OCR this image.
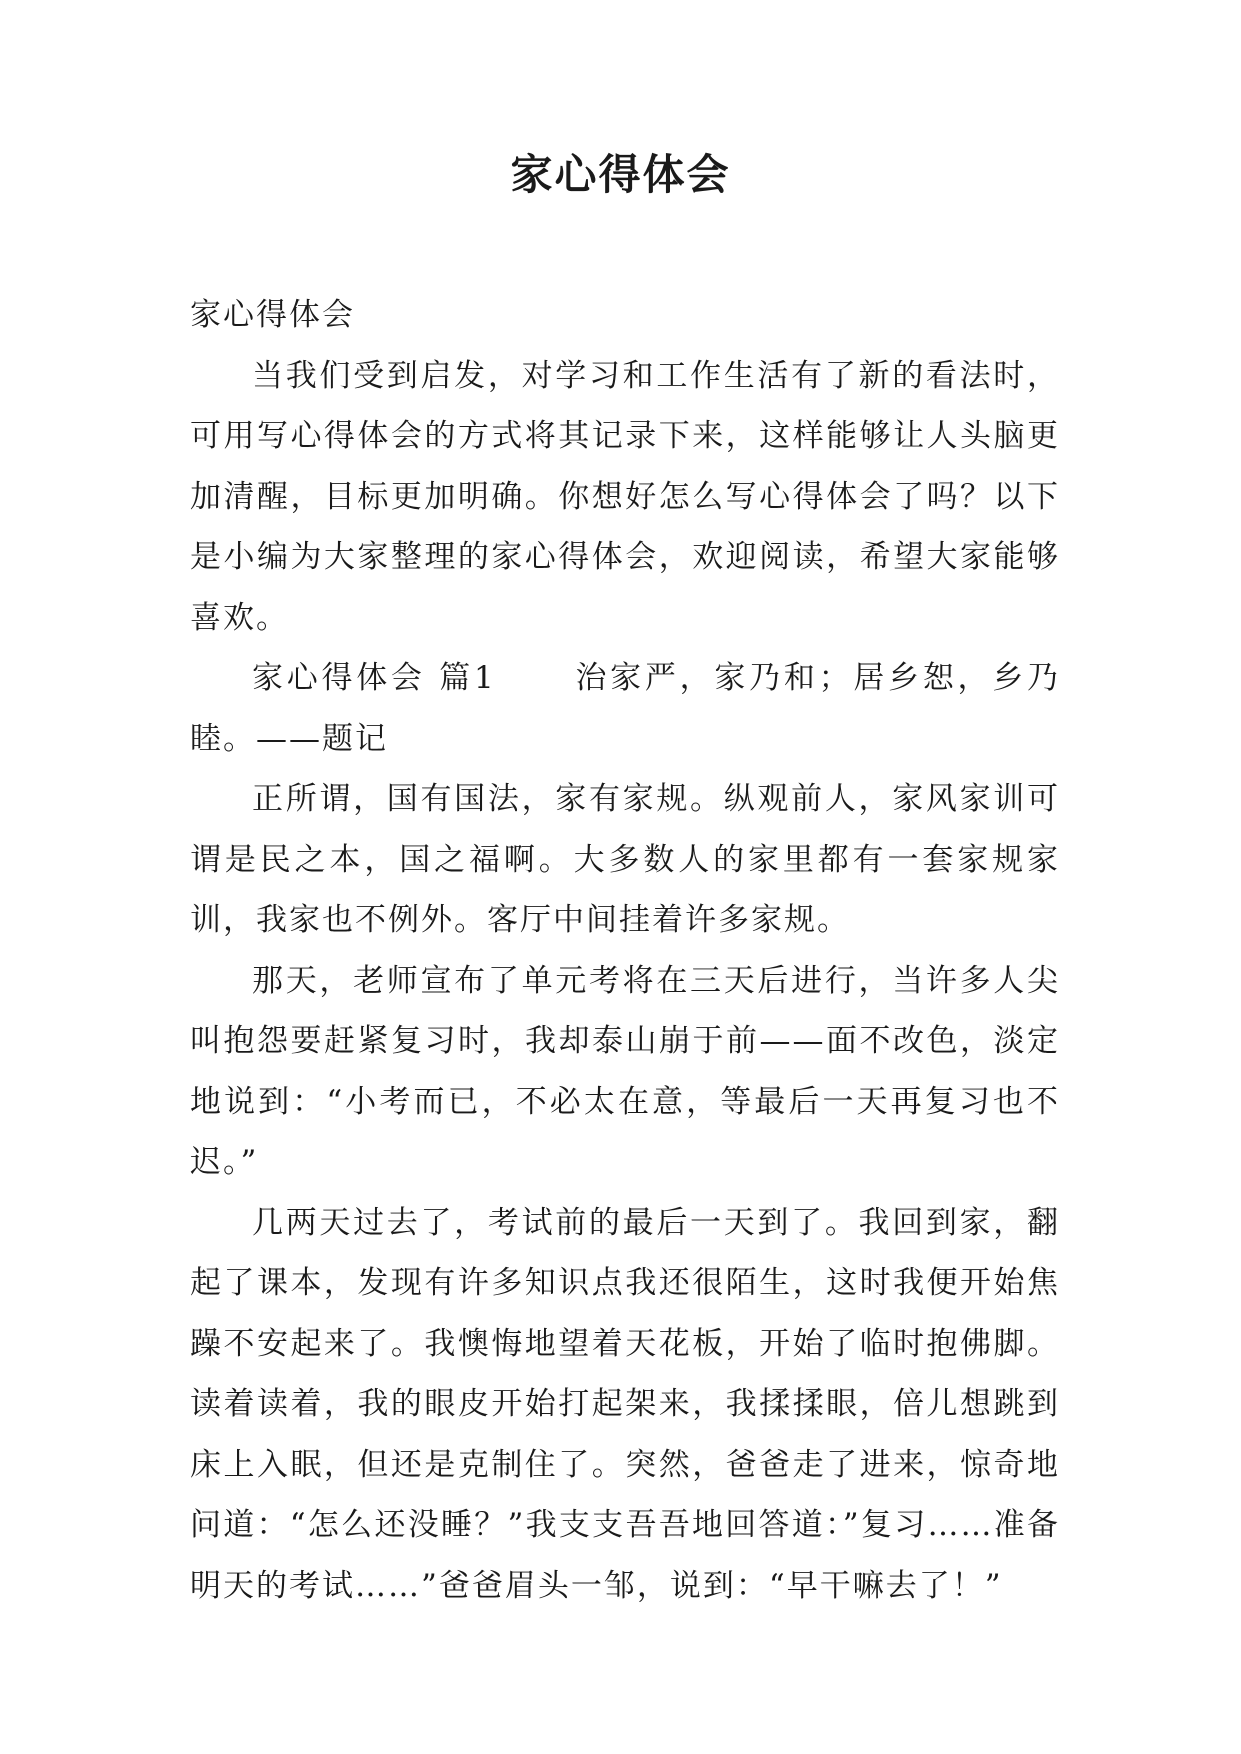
家心得体会

家心得体会

当我们受到启发，对学习和工作生活有了新的看法时，可用写心得体会的方式将其记录下来，这样能够让人头脑更加清醒，目标更加明确。你想好怎么写心得体会了吗？以下是小编为大家整理的家心得体会，欢迎阅读，希望大家能够喜欢。

家心得体会 篇1	治家严，家乃和；居乡恕，乡乃睦。——题记

正所谓，国有国法，家有家规。纵观前人，家风家训可谓是民之本，国之福啊。大多数人的家里都有一套家规家训，我家也不例外。客厅中间挂着许多家规。

那天，老师宣布了单元考将在三天后进行，当许多人尖叫抱怨要赶紧复习时，我却泰山崩于前——面不改色，淡定地说到：“小考而已，不必太在意，等最后一天再复习也不迟。”

几两天过去了，考试前的最后一天到了。我回到家，翻起了课本，发现有许多知识点我还很陌生，这时我便开始焦躁不安起来了。我懊悔地望着天花板，开始了临时抱佛脚。读着读着，我的眼皮开始打起架来，我揉揉眼，倍儿想跳到床上入眠，但还是克制住了。突然，爸爸走了进来，惊奇地问道：“怎么还没睡？”我支支吾吾地回答道：”复习……准备明天的考试……”爸爸眉头一邹，说到：“早干嘛去了！”
